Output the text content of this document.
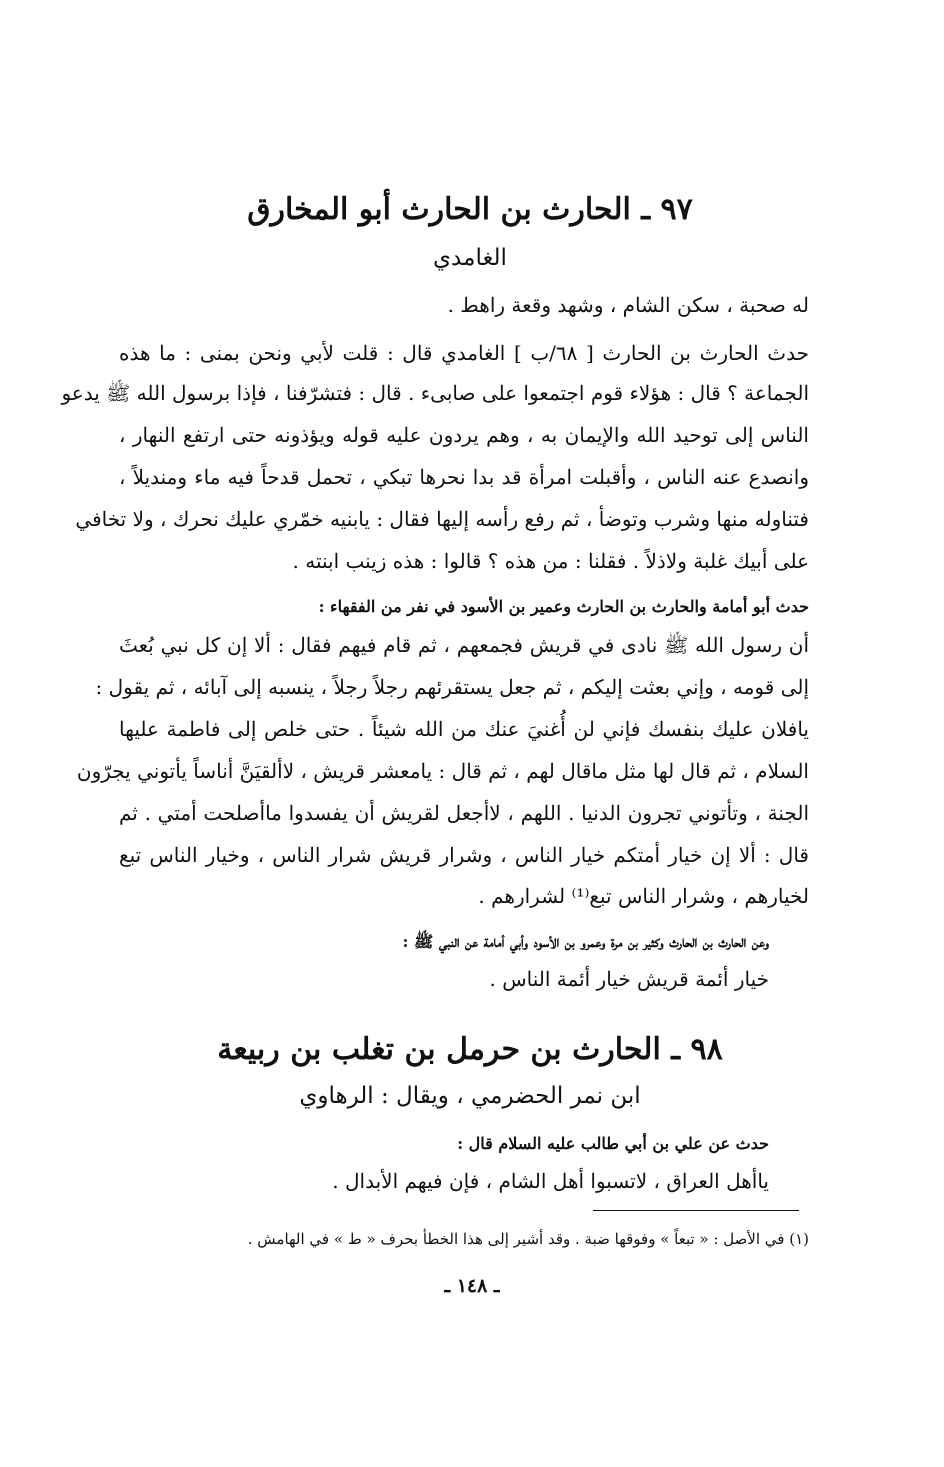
٩٧ ـ الحارث بن الحارث أبو المخارق
الغامدي
له صحبة ، سكن الشام ، وشهد وقعة راهط .
حدث الحارث بن الحارث [ ٦٨/ب ] الغامدي قال : قلت لأبي ونحن بمنى : ما هذه
الجماعة ؟ قال : هؤلاء قوم اجتمعوا على صابىء . قال : فتشرّفنا ، فإذا برسول الله ﷺ يدعو
الناس إلى توحيد الله والإيمان به ، وهم يردون عليه قوله ويؤذونه حتى ارتفع النهار ،
وانصدع عنه الناس ، وأقبلت امرأة قد بدا نحرها تبكي ، تحمل قدحاً فيه ماء ومنديلاً ،
فتناوله منها وشرب وتوضأ ، ثم رفع رأسه إليها فقال : يابنيه خمّري عليك نحرك ، ولا تخافي
على أبيك غلبة ولاذلاً . فقلنا : من هذه ؟ قالوا : هذه زينب ابنته .
حدث أبو أمامة والحارث بن الحارث وعمير بن الأسود في نفر من الفقهاء :
أن رسول الله ﷺ نادى في قريش فجمعهم ، ثم قام فيهم فقال : ألا إن كل نبي بُعثَ
إلى قومه ، وإني بعثت إليكم ، ثم جعل يستقرئهم رجلاً رجلاً ، ينسبه إلى آبائه ، ثم يقول :
يافلان عليك بنفسك فإني لن أُغنيَ عنك من الله شيئاً . حتى خلص إلى فاطمة عليها
السلام ، ثم قال لها مثل ماقال لهم ، ثم قال : يامعشر قريش ، لاألقيَنَّ أناساً يأتوني يجرّون
الجنة ، وتأتوني تجرون الدنيا . اللهم ، لاأجعل لقريش أن يفسدوا ماأصلحت أمتي . ثم
قال : ألا إن خيار أمتكم خيار الناس ، وشرار قريش شرار الناس ، وخيار الناس تبع
لخيارهم ، وشرار الناس تبع⁽¹⁾ لشرارهم .
وعن الحارث بن الحارث وكثير بن مرة وعمرو بن الأسود وأبي أمامة عن النبي ﷺ :
خيار أئمة قريش خيار أئمة الناس .
٩٨ ـ الحارث بن حرمل بن تغلب بن ربيعة
ابن نمر الحضرمي ، ويقال : الرهاوي
حدث عن علي بن أبي طالب عليه السلام قال :
ياأهل العراق ، لاتسبوا أهل الشام ، فإن فيهم الأبدال .
(١) في الأصل : « تبعاً » وفوقها ضبة . وقد أشير إلى هذا الخطأ بحرف « ط » في الهامش .
ـ ١٤٨ ـ
